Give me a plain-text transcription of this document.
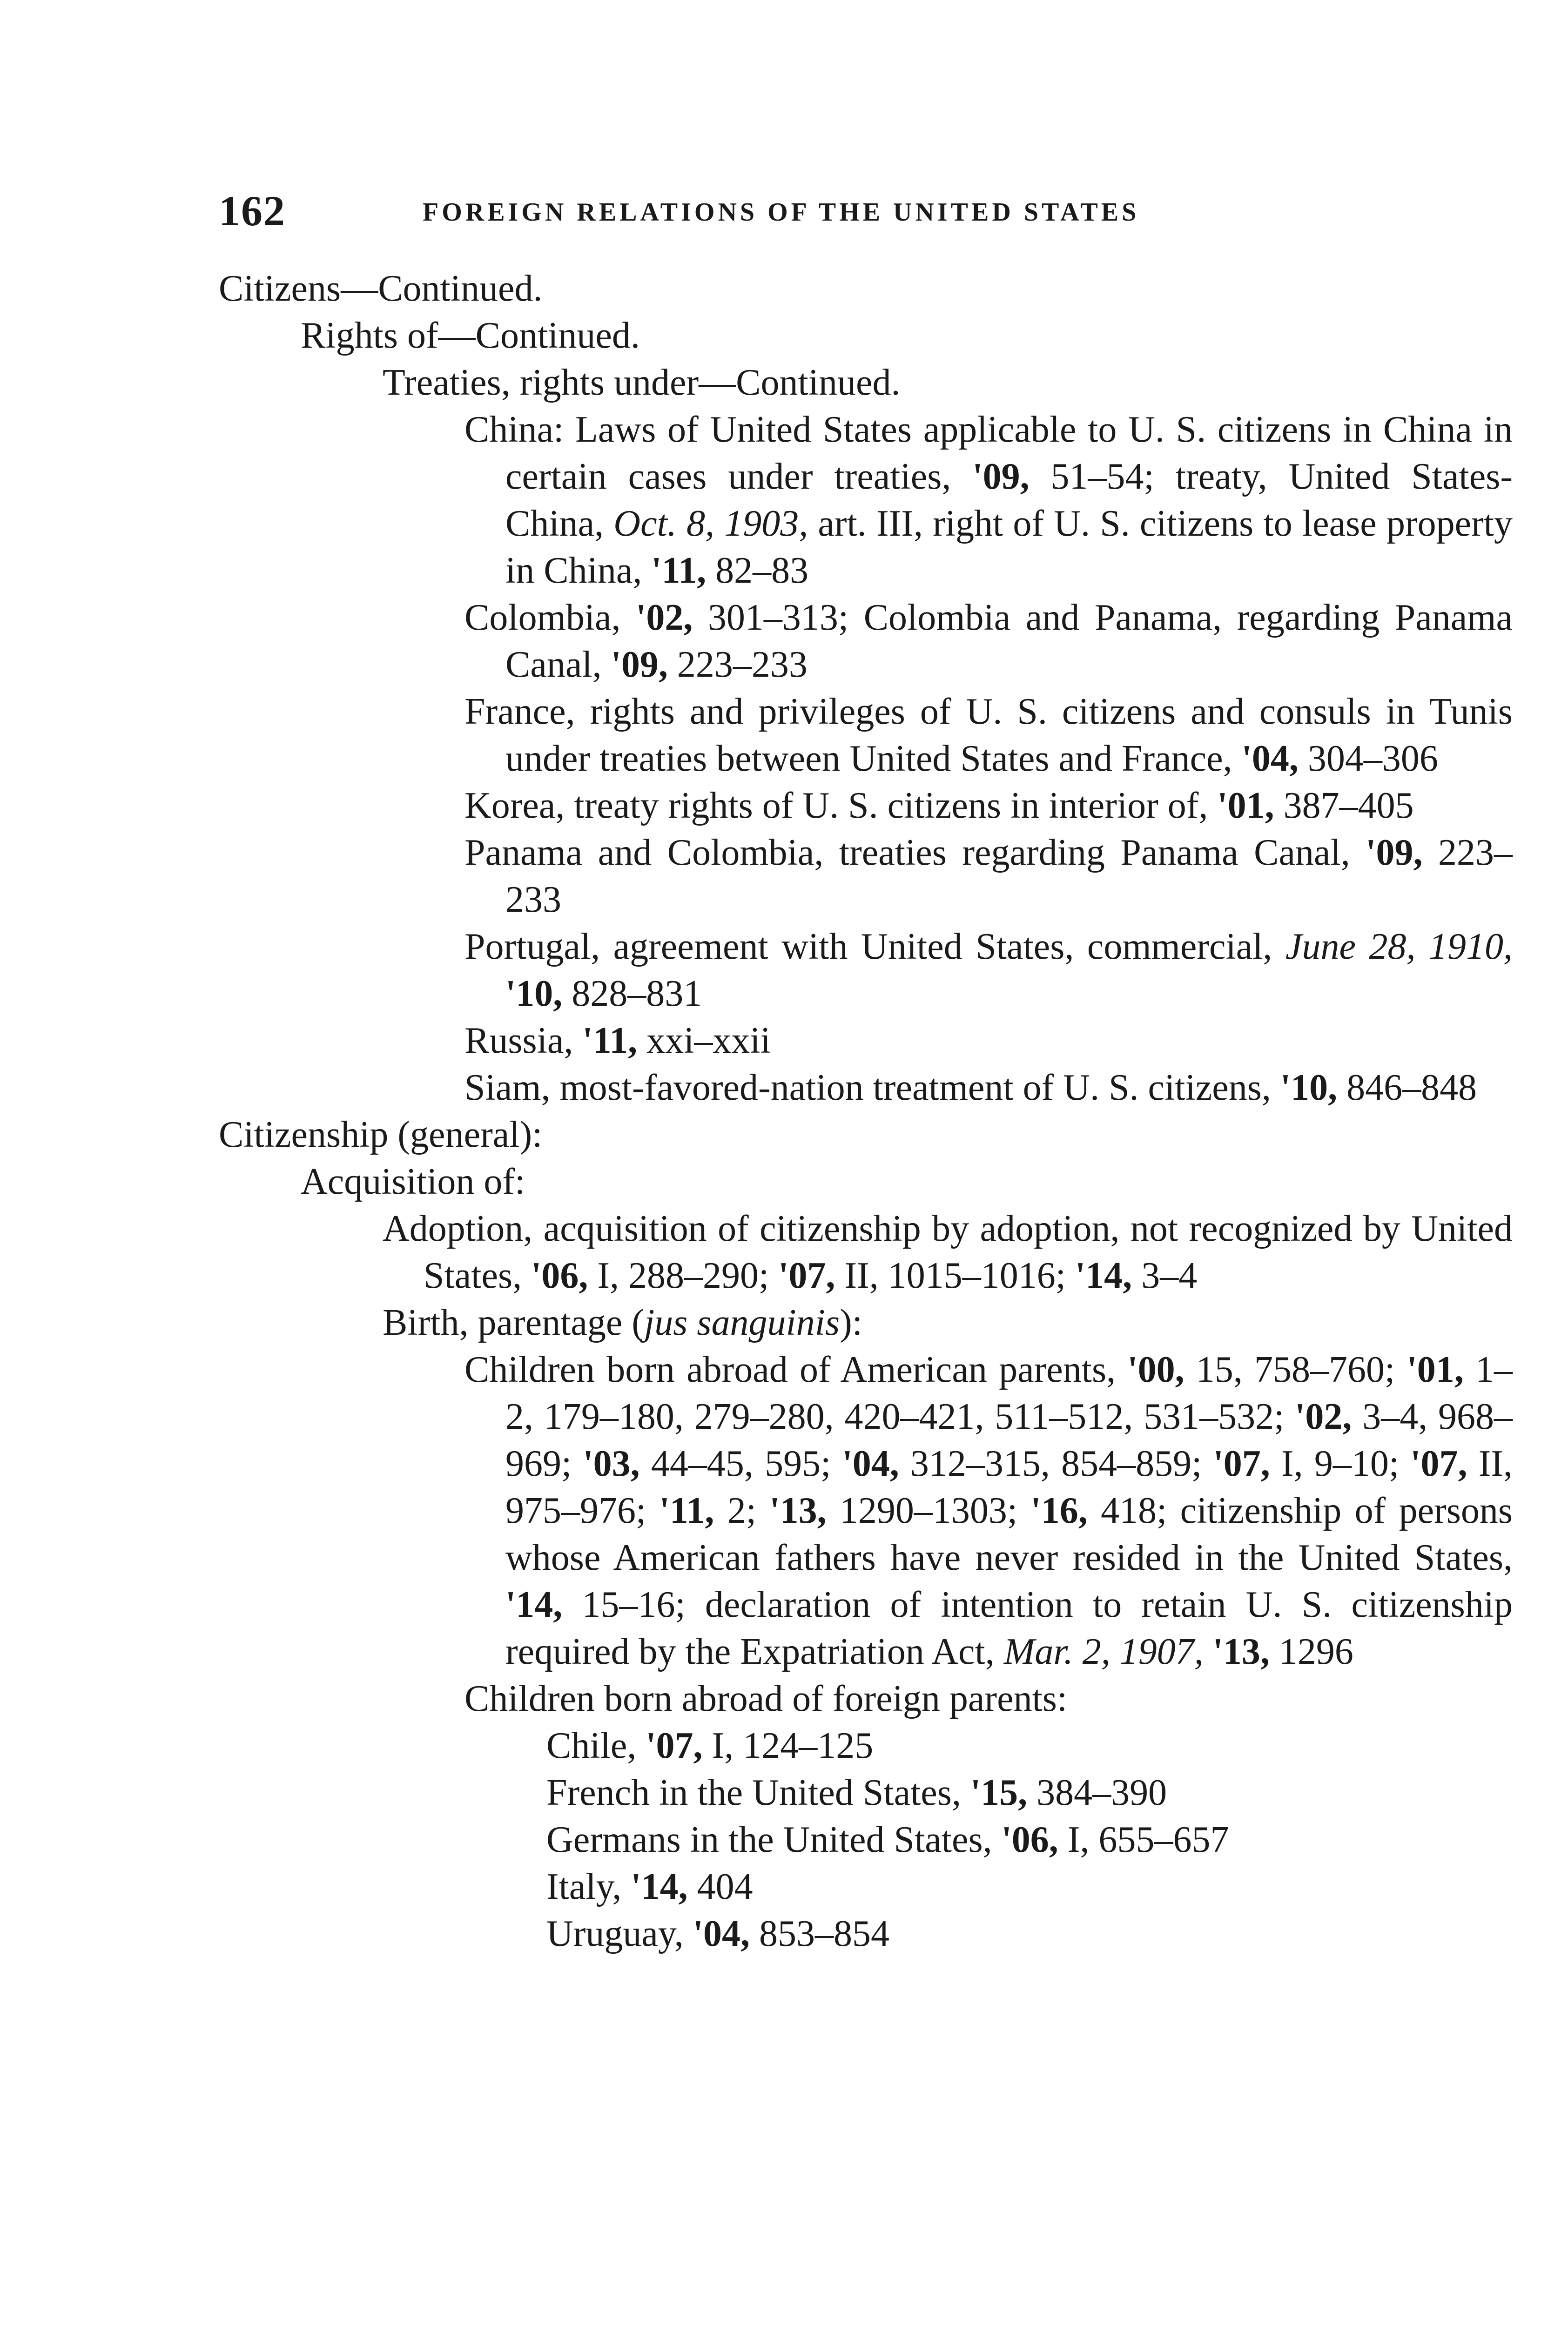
162	FOREIGN RELATIONS OF THE UNITED STATES
Citizens—Continued.
Rights of—Continued.
Treaties, rights under—Continued.
China: Laws of United States applicable to U. S. citizens in China in certain cases under treaties, '09, 51–54; treaty, United States-China, Oct. 8, 1903, art. III, right of U. S. citizens to lease property in China, '11, 82–83
Colombia, '02, 301–313; Colombia and Panama, regarding Panama Canal, '09, 223–233
France, rights and privileges of U. S. citizens and consuls in Tunis under treaties between United States and France, '04, 304–306
Korea, treaty rights of U. S. citizens in interior of, '01, 387–405
Panama and Colombia, treaties regarding Panama Canal, '09, 223–233
Portugal, agreement with United States, commercial, June 28, 1910, '10, 828–831
Russia, '11, xxi–xxii
Siam, most-favored-nation treatment of U. S. citizens, '10, 846–848
Citizenship (general):
Acquisition of:
Adoption, acquisition of citizenship by adoption, not recognized by United States, '06, I, 288–290; '07, II, 1015–1016; '14, 3–4
Birth, parentage (jus sanguinis):
Children born abroad of American parents, '00, 15, 758–760; '01, 1–2, 179–180, 279–280, 420–421, 511–512, 531–532; '02, 3–4, 968–969; '03, 44–45, 595; '04, 312–315, 854–859; '07, I, 9–10; '07, II, 975–976; '11, 2; '13, 1290–1303; '16, 418; citizenship of persons whose American fathers have never resided in the United States, '14, 15–16; declaration of intention to retain U. S. citizenship required by the Expatriation Act, Mar. 2, 1907, '13, 1296
Children born abroad of foreign parents:
Chile, '07, I, 124–125
French in the United States, '15, 384–390
Germans in the United States, '06, I, 655–657
Italy, '14, 404
Uruguay, '04, 853–854
